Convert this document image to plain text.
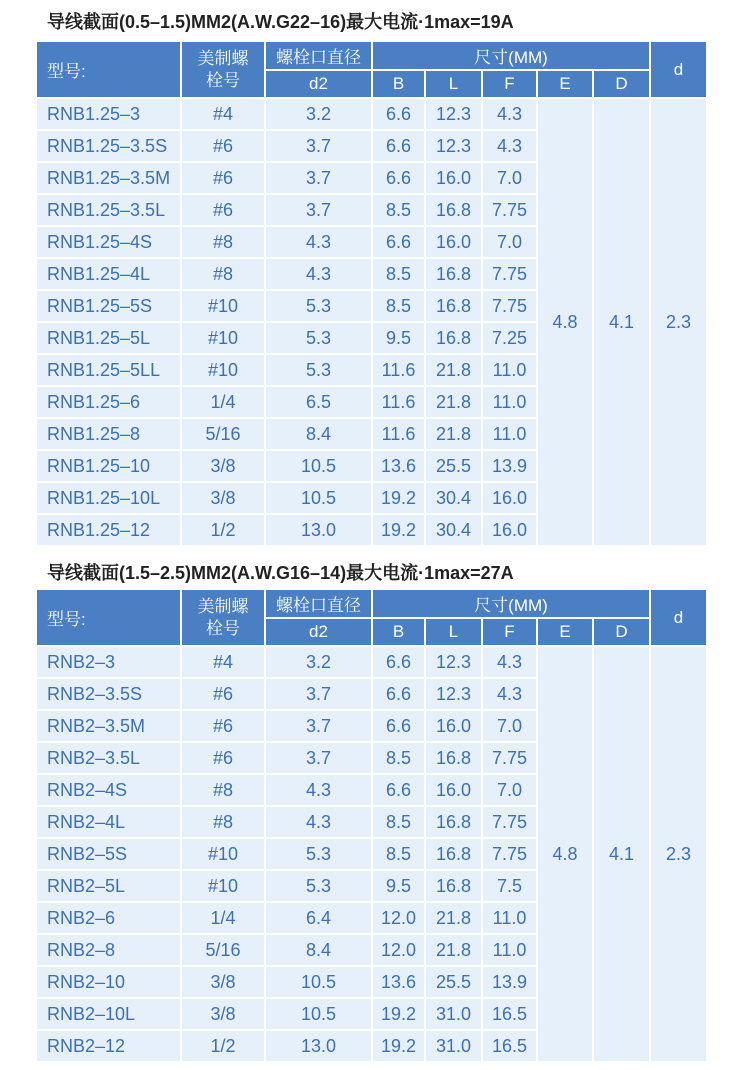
导线截面(0.5–1.5)MM2(A.W.G22–16)最大电流·1max=19A
型号:
美制螺栓号
螺栓口直径	尺寸(MM)
d
d2	B	L	F	E	D
RNB1.25–3	#4	3.2	6.6	12.3	4.3
RNB1.25–3.5S	#6	3.7	6.6	12.3	4.3
RNB1.25–3.5M	#6	3.7	6.6	16.0	7.0
RNB1.25–3.5L	#6	3.7	8.5	16.8	7.75
RNB1.25–4S	#8	4.3	6.6	16.0	7.0
RNB1.25–4L	#8	4.3	8.5	16.8	7.75
RNB1.25–5S	#10	5.3	8.5	16.8	7.75
RNB1.25–5L	#10	5.3	9.5	16.8	7.25
RNB1.25–5LL	#10	5.3	11.6	21.8	11.0
RNB1.25–6	1/4	6.5	11.6	21.8	11.0
RNB1.25–8	5/16	8.4	11.6	21.8	11.0
RNB1.25–10	3/8	10.5	13.6	25.5	13.9
RNB1.25–10L	3/8	10.5	19.2	30.4	16.0
RNB1.25–12	1/2	13.0	19.2	30.4	16.0
4.8	4.1	2.3
导线截面(1.5–2.5)MM2(A.W.G16–14)最大电流·1max=27A
型号:
美制螺栓号
螺栓口直径	尺寸(MM)
d
d2	B	L	F	E	D
RNB2–3	#4	3.2	6.6	12.3	4.3
RNB2–3.5S	#6	3.7	6.6	12.3	4.3
RNB2–3.5M	#6	3.7	6.6	16.0	7.0
RNB2–3.5L	#6	3.7	8.5	16.8	7.75
RNB2–4S	#8	4.3	6.6	16.0	7.0
RNB2–4L	#8	4.3	8.5	16.8	7.75
RNB2–5S	#10	5.3	8.5	16.8	7.75
RNB2–5L	#10	5.3	9.5	16.8	7.5
RNB2–6	1/4	6.4	12.0	21.8	11.0
RNB2–8	5/16	8.4	12.0	21.8	11.0
RNB2–10	3/8	10.5	13.6	25.5	13.9
RNB2–10L	3/8	10.5	19.2	31.0	16.5
RNB2–12	1/2	13.0	19.2	31.0	16.5
4.8	4.1	2.3
